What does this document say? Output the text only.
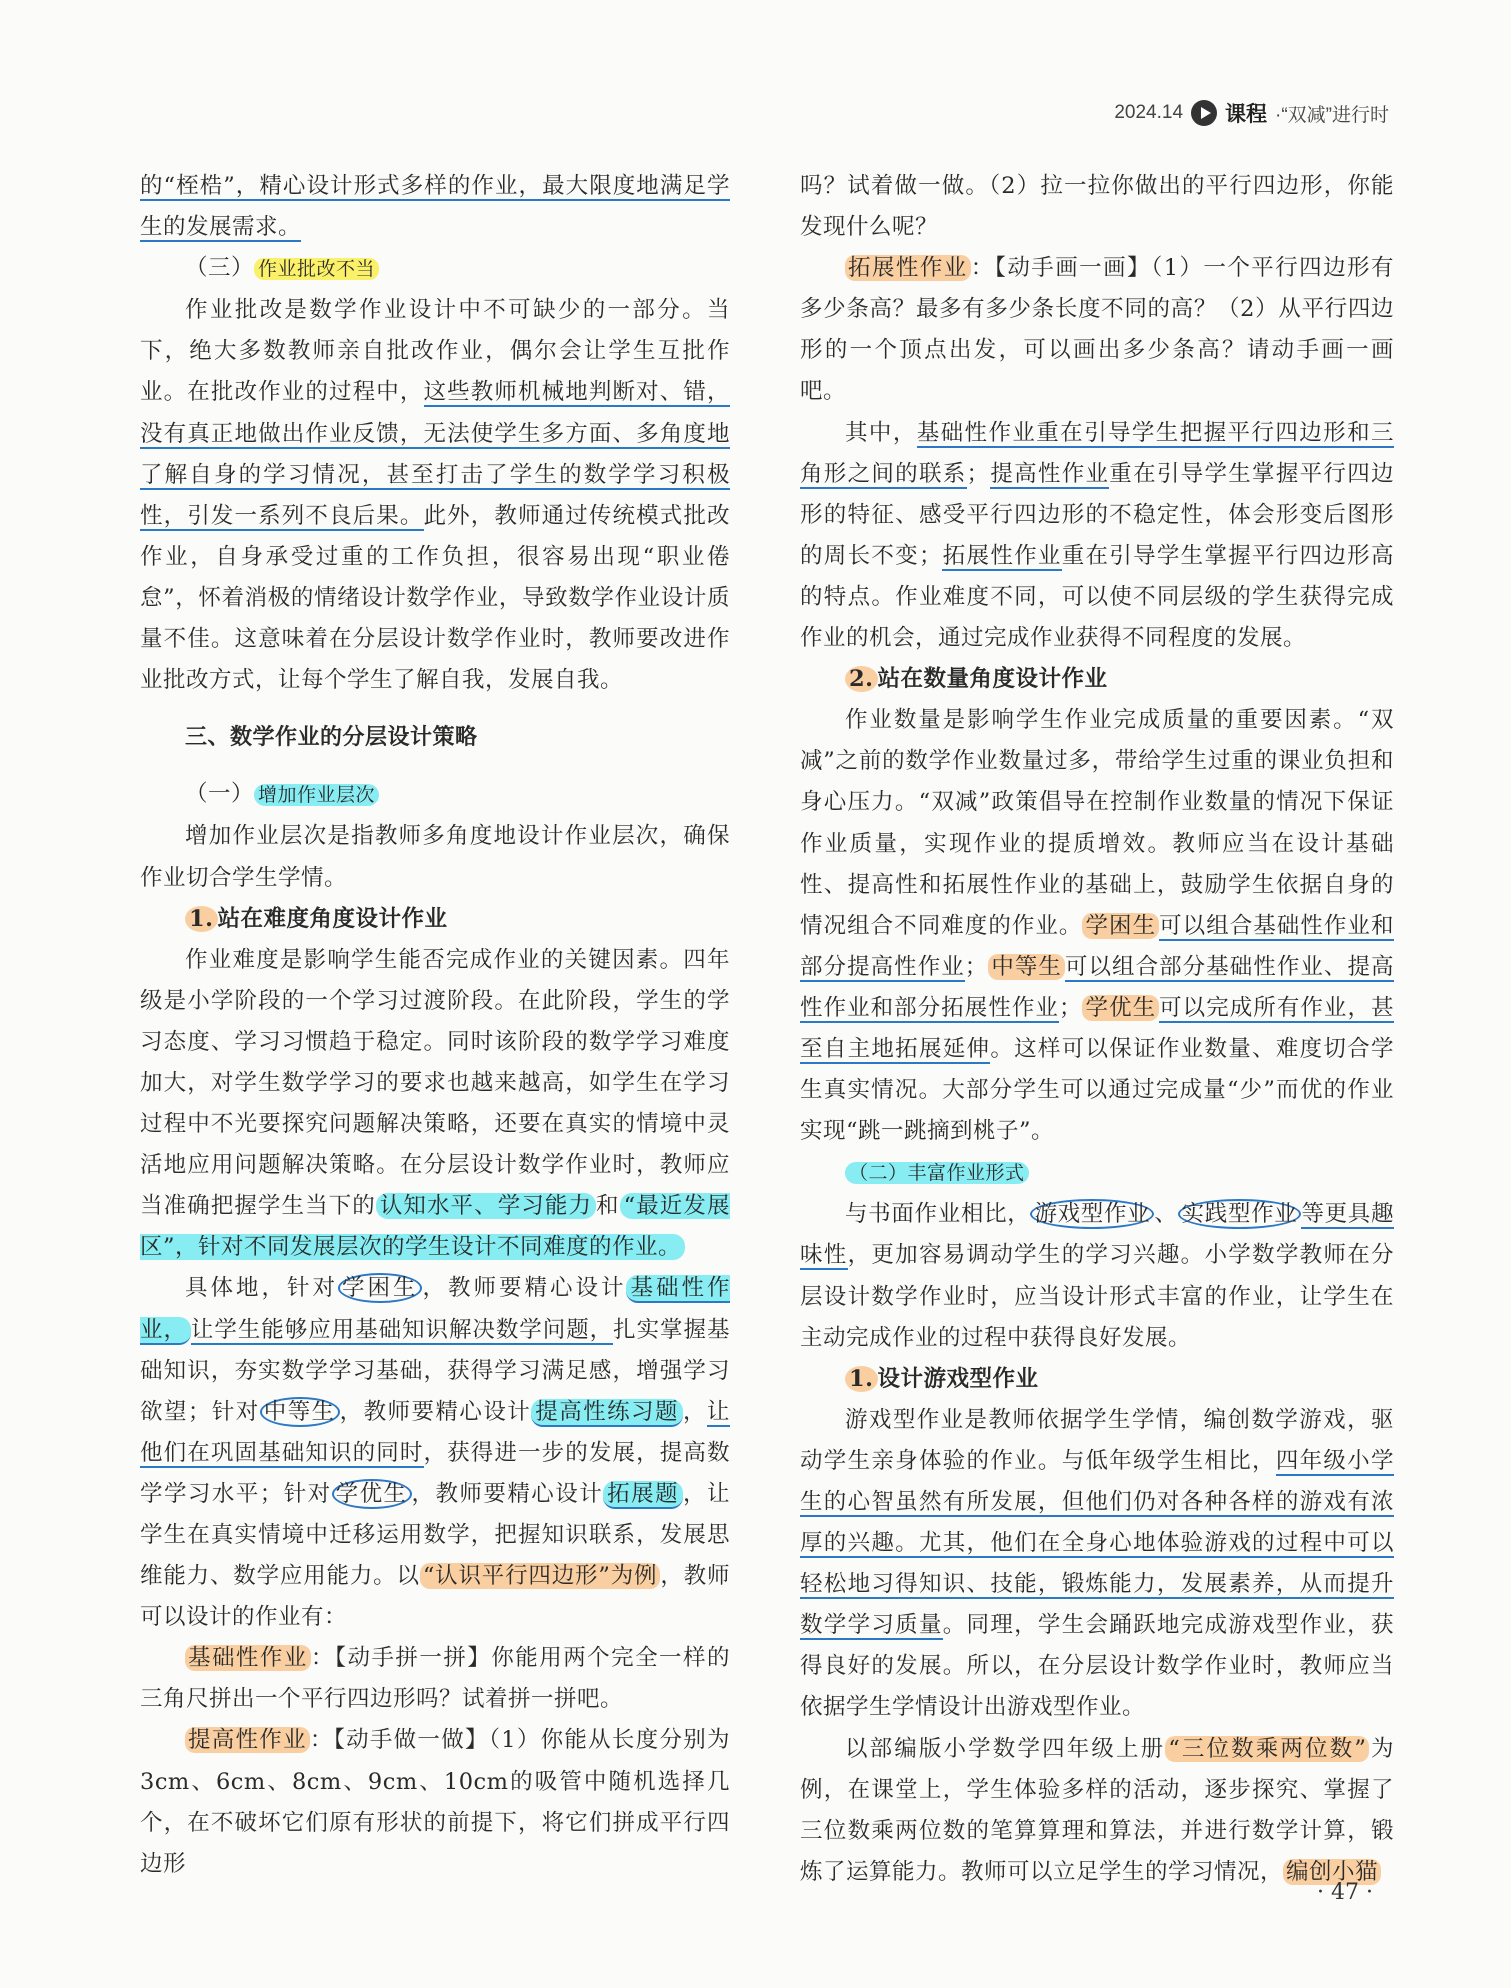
2024.14 课程 ·“双减”进行时

的“桎梏”，精心设计形式多样的作业，最大限度地满足学生的发展需求。

（三） 作业批改不当

作业批改是数学作业设计中不可缺少的一部分。当下，绝大多数教师亲自批改作业，偶尔会让学生互批作业。在批改作业的过程中，这些教师机械地判断对、错，没有真正地做出作业反馈，无法使学生多方面、多角度地了解自身的学习情况，甚至打击了学生的数学学习积极性，引发一系列不良后果。此外，教师通过传统模式批改作业，自身承受过重的工作负担，很容易出现“职业倦怠”，怀着消极的情绪设计数学作业，导致数学作业设计质量不佳。这意味着在分层设计数学作业时，教师要改进作业批改方式，让每个学生了解自我，发展自我。

三、数学作业的分层设计策略

（一） 增加作业层次

增加作业层次是指教师多角度地设计作业层次，确保作业切合学生学情。

1. 站在难度角度设计作业

作业难度是影响学生能否完成作业的关键因素。四年级是小学阶段的一个学习过渡阶段。在此阶段，学生的学习态度、学习习惯趋于稳定。同时该阶段的数学学习难度加大，对学生数学学习的要求也越来越高，如学生在学习过程中不光要探究问题解决策略，还要在真实的情境中灵活地应用问题解决策略。在分层设计数学作业时，教师应当准确把握学生当下的 认知水平、学习能力 和 “最近发展区”，针对不同发展层次的学生设计不同难度的作业。

具体地，针对 学困生 ，教师要精心设计 基础性作业， 让学生能够应用基础知识解决数学问题，扎实掌握基础知识，夯实数学学习基础，获得学习满足感，增强学习欲望；针对 中等生 ，教师要精心设计 提高性练习题 ，让他们在巩固基础知识的同时，获得进一步的发展，提高数学学习水平；针对 学优生 ，教师要精心设计 拓展题 ，让学生在真实情境中迁移运用数学，把握知识联系，发展思维能力、数学应用能力。以 “认识平行四边形”为例 ，教师可以设计的作业有：

基础性作业 ：【动手拼一拼】你能用两个完全一样的三角尺拼出一个平行四边形吗？试着拼一拼吧。

提高性作业 ：【动手做一做】（1）你能从长度分别为3cm、6cm、8cm、9cm、10cm的吸管中随机选择几个，在不破坏它们原有形状的前提下，将它们拼成平行四边形

吗？试着做一做。（2）拉一拉你做出的平行四边形，你能发现什么呢？

拓展性作业 ：【动手画一画】（1）一个平行四边形有多少条高？最多有多少条长度不同的高？（2）从平行四边形的一个顶点出发，可以画出多少条高？请动手画一画吧。

其中，基础性作业重在引导学生把握平行四边形和三角形之间的联系；提高性作业重在引导学生掌握平行四边形的特征、感受平行四边形的不稳定性，体会形变后图形的周长不变；拓展性作业重在引导学生掌握平行四边形高的特点。作业难度不同，可以使不同层级的学生获得完成作业的机会，通过完成作业获得不同程度的发展。

2. 站在数量角度设计作业

作业数量是影响学生作业完成质量的重要因素。“双减”之前的数学作业数量过多，带给学生过重的课业负担和身心压力。“双减”政策倡导在控制作业数量的情况下保证作业质量，实现作业的提质增效。教师应当在设计基础性、提高性和拓展性作业的基础上，鼓励学生依据自身的情况组合不同难度的作业。 学困生 可以组合基础性作业和部分提高性作业； 中等生 可以组合部分基础性作业、提高性作业和部分拓展性作业； 学优生 可以完成所有作业，甚至自主地拓展延伸。这样可以保证作业数量、难度切合学生真实情况。大部分学生可以通过完成量“少”而优的作业实现“跳一跳摘到桃子”。

（二）丰富作业形式

与书面作业相比， 游戏型作业 、 实践型作业 等更具趣味性，更加容易调动学生的学习兴趣。小学数学教师在分层设计数学作业时，应当设计形式丰富的作业，让学生在主动完成作业的过程中获得良好发展。

1. 设计游戏型作业

游戏型作业是教师依据学生学情，编创数学游戏，驱动学生亲身体验的作业。与低年级学生相比，四年级小学生的心智虽然有所发展，但他们仍对各种各样的游戏有浓厚的兴趣。尤其，他们在全身心地体验游戏的过程中可以轻松地习得知识、技能，锻炼能力，发展素养，从而提升数学学习质量。同理，学生会踊跃地完成游戏型作业，获得良好的发展。所以，在分层设计数学作业时，教师应当依据学生学情设计出游戏型作业。

以部编版小学数学四年级上册 “三位数乘两位数” 为例，在课堂上，学生体验多样的活动，逐步探究、掌握了三位数乘两位数的笔算算理和算法，并进行数学计算，锻炼了运算能力。教师可以立足学生的学习情况， 编创小猫

· 47 ·
